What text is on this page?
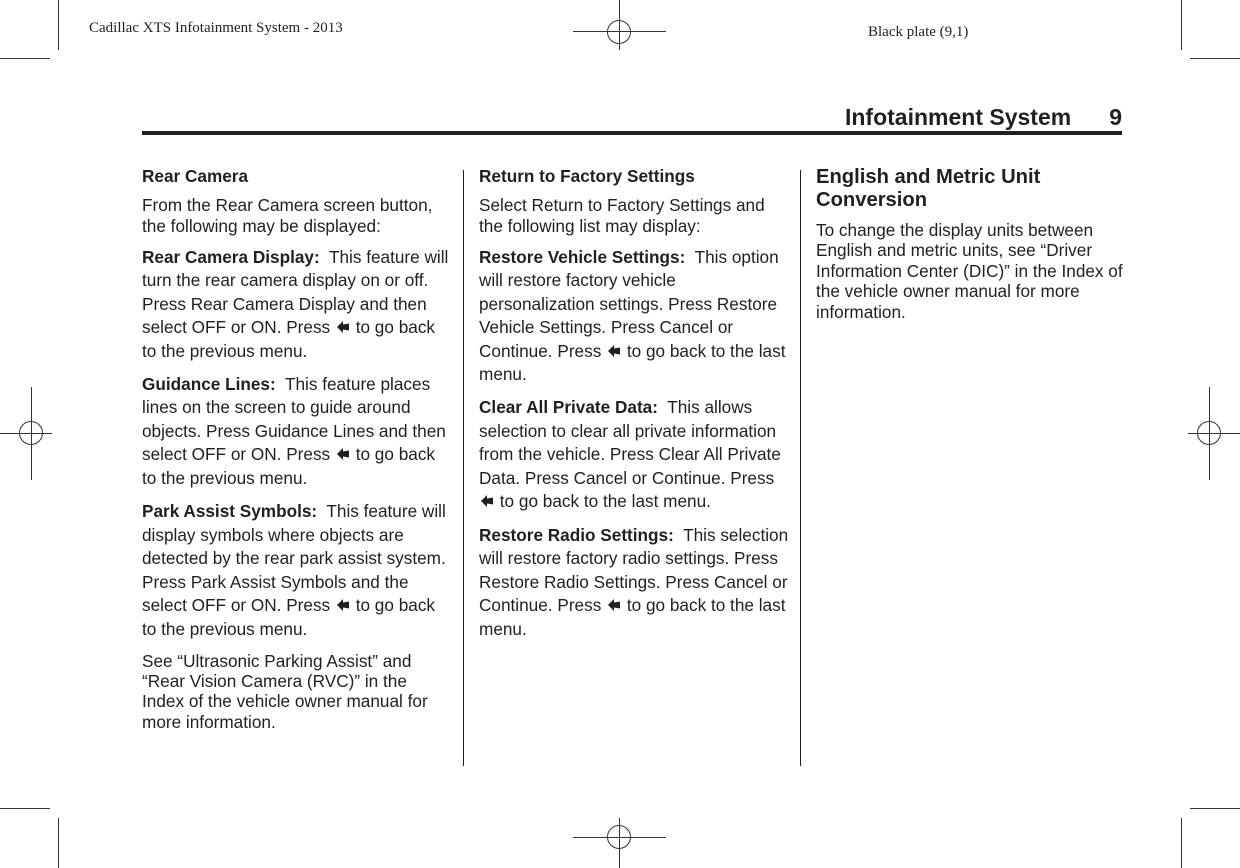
Cadillac XTS Infotainment System - 2013	Black plate (9,1)
Infotainment System 9

Rear Camera

From the Rear Camera screen button, the following may be displayed:

Rear Camera Display: This feature will turn the rear camera display on or off. Press Rear Camera Display and then select OFF or ON. Press to go back to the previous menu.

Guidance Lines: This feature places lines on the screen to guide around objects. Press Guidance Lines and then select OFF or ON. Press to go back to the previous menu.

Park Assist Symbols: This feature will display symbols where objects are detected by the rear park assist system. Press Park Assist Symbols and the select OFF or ON. Press to go back to the previous menu.

See “Ultrasonic Parking Assist” and “Rear Vision Camera (RVC)” in the Index of the vehicle owner manual for more information.

Return to Factory Settings

Select Return to Factory Settings and the following list may display:

Restore Vehicle Settings: This option will restore factory vehicle personalization settings. Press Restore Vehicle Settings. Press Cancel or Continue. Press to go back to the last menu.

Clear All Private Data: This allows selection to clear all private information from the vehicle. Press Clear All Private Data. Press Cancel or Continue. Press  to go back to the last menu.

Restore Radio Settings: This selection will restore factory radio settings. Press Restore Radio Settings. Press Cancel or Continue. Press to go back to the last menu.

English and Metric Unit Conversion

To change the display units between English and metric units, see “Driver Information Center (DIC)” in the Index of the vehicle owner manual for more information.
